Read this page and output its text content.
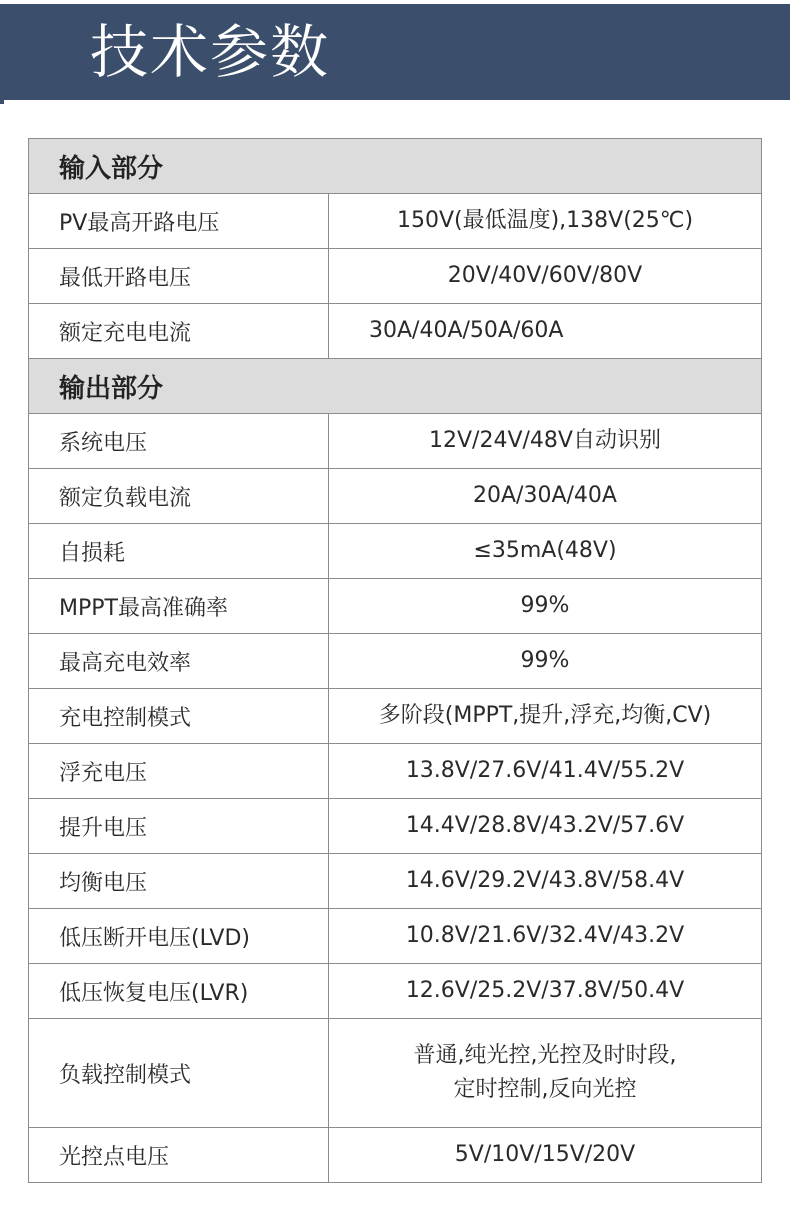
技术参数
输入部分	
PV最高开路电压	150V(最低温度),138V(25℃)
最低开路电压	20V/40V/60V/80V
额定充电电流	30A/40A/50A/60A
输出部分	
系统电压	12V/24V/48V自动识别
额定负载电流	20A/30A/40A
自损耗	≤35mA(48V)
MPPT最高准确率	99%
最高充电效率	99%
充电控制模式	多阶段(MPPT,提升,浮充,均衡,CV)
浮充电压	13.8V/27.6V/41.4V/55.2V
提升电压	14.4V/28.8V/43.2V/57.6V
均衡电压	14.6V/29.2V/43.8V/58.4V
低压断开电压(LVD)	10.8V/21.6V/32.4V/43.2V
低压恢复电压(LVR)	12.6V/25.2V/37.8V/50.4V
负载控制模式	普通,纯光控,光控及时时段,
定时控制,反向光控

光控点电压	5V/10V/15V/20V
